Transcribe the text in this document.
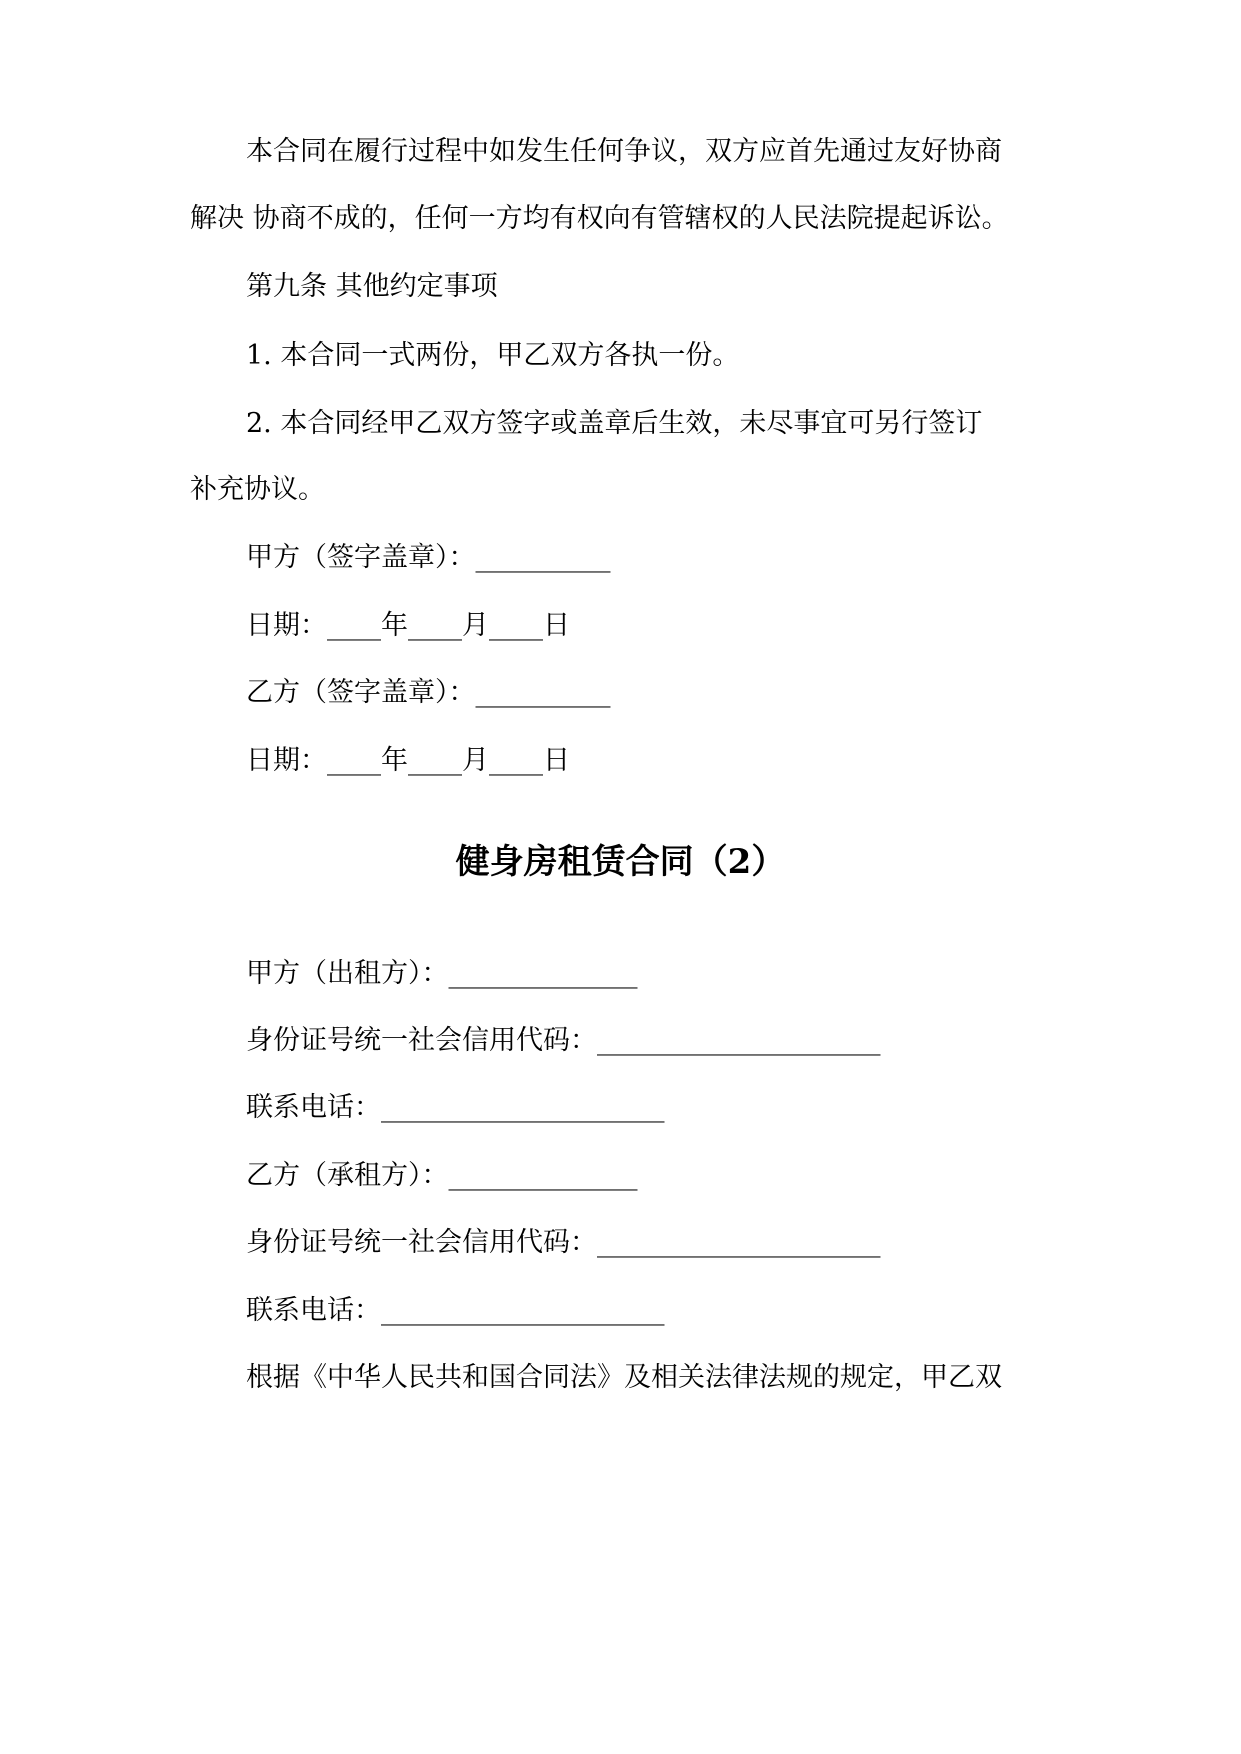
本合同在履行过程中如发生任何争议，双方应首先通过友好协商
解决 协商不成的，任何一方均有权向有管辖权的人民法院提起诉讼。
第九条 其他约定事项
1. 本合同一式两份，甲乙双方各执一份。
2. 本合同经甲乙双方签字或盖章后生效，未尽事宜可另行签订
补充协议。
甲方（签字盖章）：__________
日期：____年____月____日
乙方（签字盖章）：__________
日期：____年____月____日
健身房租赁合同（2）
甲方（出租方）：______________
身份证号统一社会信用代码：_____________________
联系电话：_____________________
乙方（承租方）：______________
身份证号统一社会信用代码：_____________________
联系电话：_____________________
根据《中华人民共和国合同法》及相关法律法规的规定，甲乙双
